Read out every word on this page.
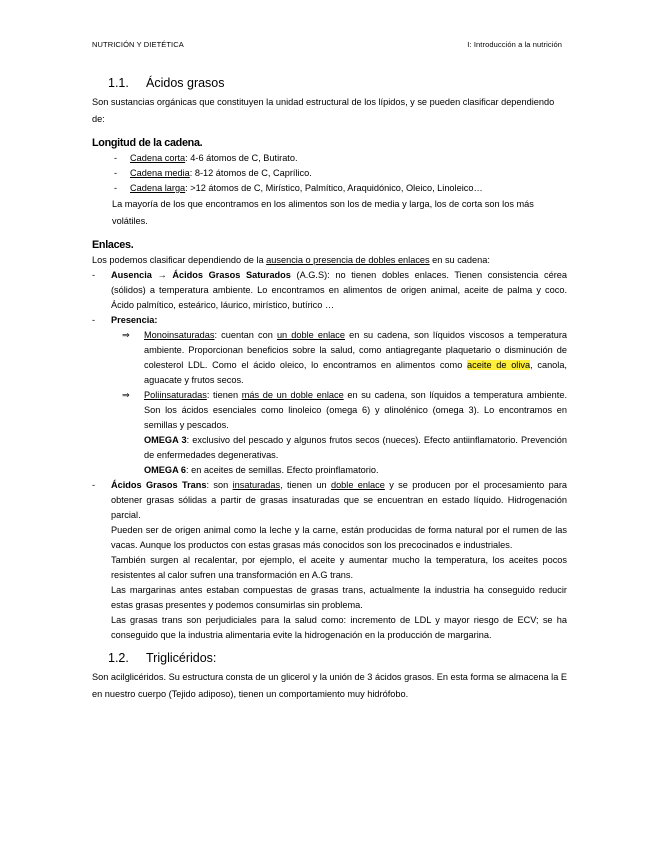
NUTRICIÓN Y DIETÉTICA	I: Introducción a la nutrición
1.1. Ácidos grasos

Son sustancias orgánicas que constituyen la unidad estructural de los lípidos, y se pueden clasificar dependiendo de:

Longitud de la cadena.
- Cadena corta: 4-6 átomos de C, Butirato.
- Cadena media: 8-12 átomos de C, Caprílico.
- Cadena larga: >12 átomos de C, Mirístico, Palmítico, Araquidónico, Oleico, Linoleico…

La mayoría de los que encontramos en los alimentos son los de media y larga, los de corta son los más volátiles.

Enlaces.

Los podemos clasificar dependiendo de la ausencia o presencia de dobles enlaces en su cadena:

- Ausencia → Ácidos Grasos Saturados (A.G.S): no tienen dobles enlaces. Tienen consistencia cérea (sólidos) a temperatura ambiente. Lo encontramos en alimentos de origen animal, aceite de palma y coco. Ácido palmítico, esteárico, láurico, mirístico, butírico …
- Presencia:
⇒ Monoinsaturadas: cuentan con un doble enlace en su cadena, son líquidos viscosos a temperatura ambiente. Proporcionan beneficios sobre la salud, como antiagregante plaquetario o disminución de colesterol LDL. Como el ácido oleico, lo encontramos en alimentos como aceite de oliva, canola, aguacate y frutos secos.
⇒ Poliinsaturadas: tienen más de un doble enlace en su cadena, son líquidos a temperatura ambiente. Son los ácidos esenciales como linoleico (omega 6) y αlinolénico (omega 3). Lo encontramos en semillas y pescados.
OMEGA 3: exclusivo del pescado y algunos frutos secos (nueces). Efecto antiinflamatorio. Prevención de enfermedades degenerativas.
OMEGA 6: en aceites de semillas. Efecto proinflamatorio.
- Ácidos Grasos Trans: son insaturadas, tienen un doble enlace y se producen por el procesamiento para obtener grasas sólidas a partir de grasas insaturadas que se encuentran en estado líquido. Hidrogenación parcial.

Pueden ser de origen animal como la leche y la carne, están producidas de forma natural por el rumen de las vacas. Aunque los productos con estas grasas más conocidos son los precocinados e industriales.

También surgen al recalentar, por ejemplo, el aceite y aumentar mucho la temperatura, los aceites pocos resistentes al calor sufren una transformación en A.G trans.

Las margarinas antes estaban compuestas de grasas trans, actualmente la industria ha conseguido reducir estas grasas presentes y podemos consumirlas sin problema.

Las grasas trans son perjudiciales para la salud como: incremento de LDL y mayor riesgo de ECV; se ha conseguido que la industria alimentaria evite la hidrogenación en la producción de margarina.

1.2. Triglicéridos:

Son acilglicéridos. Su estructura consta de un glicerol y la unión de 3 ácidos grasos. En esta forma se almacena la E en nuestro cuerpo (Tejido adiposo), tienen un comportamiento muy hidrófobo.
